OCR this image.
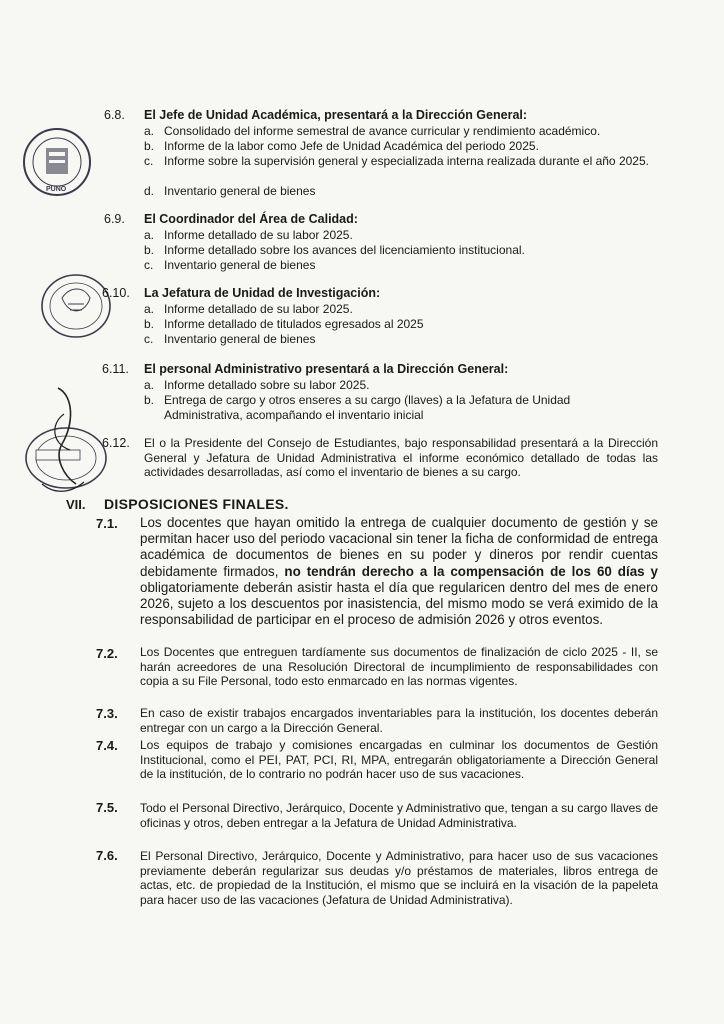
PUNO
6.8. El Jefe de Unidad Académica, presentará a la Dirección General:
a. Consolidado del informe semestral de avance curricular y rendimiento académico.
b. Informe de la labor como Jefe de Unidad Académica del periodo 2025.
c. Informe sobre la supervisión general y especializada interna realizada durante el año 2025.
d. Inventario general de bienes
6.9. El Coordinador del Área de Calidad:
a. Informe detallado de su labor 2025.
b. Informe detallado sobre los avances del licenciamiento institucional.
c. Inventario general de bienes
6.10. La Jefatura de Unidad de Investigación:
a. Informe detallado de su labor 2025.
b. Informe detallado de titulados egresados al 2025
c. Inventario general de bienes
6.11. El personal Administrativo presentará a la Dirección General:
a. Informe detallado sobre su labor 2025.
b. Entrega de cargo y otros enseres a su cargo (llaves) a la Jefatura de Unidad Administrativa, acompañando el inventario inicial
6.12. El o la Presidente del Consejo de Estudiantes, bajo responsabilidad presentará a la Dirección General y Jefatura de Unidad Administrativa el informe económico detallado de todas las actividades desarrolladas, así como el inventario de bienes a su cargo.
VII. DISPOSICIONES FINALES.
7.1. Los docentes que hayan omitido la entrega de cualquier documento de gestión y se permitan hacer uso del periodo vacacional sin tener la ficha de conformidad de entrega académica de documentos de bienes en su poder y dineros por rendir cuentas debidamente firmados, no tendrán derecho a la compensación de los 60 días y obligatoriamente deberán asistir hasta el día que regularicen dentro del mes de enero 2026, sujeto a los descuentos por inasistencia, del mismo modo se verá eximido de la responsabilidad de participar en el proceso de admisión 2026 y otros eventos.
7.2. Los Docentes que entreguen tardíamente sus documentos de finalización de ciclo 2025 - II, se harán acreedores de una Resolución Directoral de incumplimiento de responsabilidades con copia a su File Personal, todo esto enmarcado en las normas vigentes.
7.3. En caso de existir trabajos encargados inventariables para la institución, los docentes deberán entregar con un cargo a la Dirección General.
7.4. Los equipos de trabajo y comisiones encargadas en culminar los documentos de Gestión Institucional, como el PEI, PAT, PCI, RI, MPA, entregarán obligatoriamente a Dirección General de la institución, de lo contrario no podrán hacer uso de sus vacaciones.
7.5. Todo el Personal Directivo, Jerárquico, Docente y Administrativo que, tengan a su cargo llaves de oficinas y otros, deben entregar a la Jefatura de Unidad Administrativa.
7.6. El Personal Directivo, Jerárquico, Docente y Administrativo, para hacer uso de sus vacaciones previamente deberán regularizar sus deudas y/o préstamos de materiales, libros entrega de actas, etc. de propiedad de la Institución, el mismo que se incluirá en la visación de la papeleta para hacer uso de las vacaciones (Jefatura de Unidad Administrativa).
